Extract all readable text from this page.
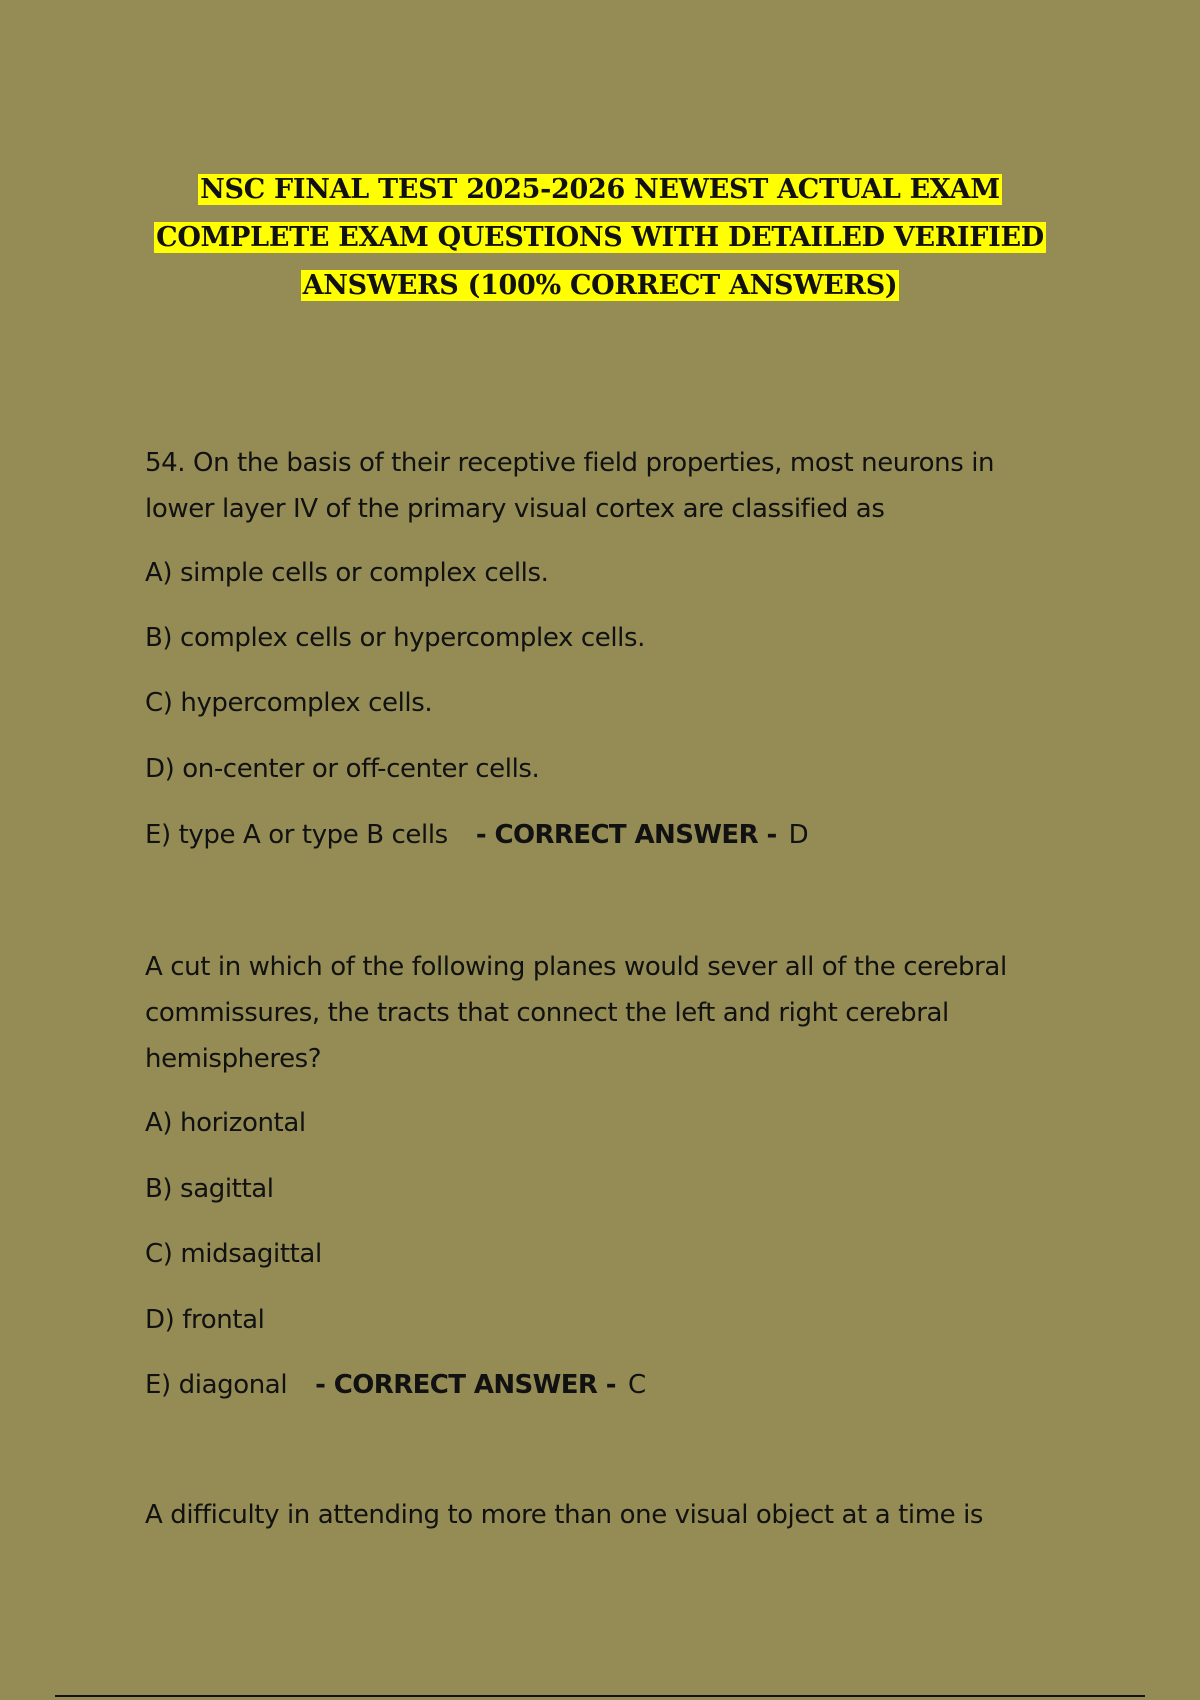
NSC FINAL TEST 2025-2026 NEWEST ACTUAL EXAM
COMPLETE EXAM QUESTIONS WITH DETAILED VERIFIED
ANSWERS (100% CORRECT ANSWERS)

54. On the basis of their receptive field properties, most neurons in

lower layer IV of the primary visual cortex are classified as

A) simple cells or complex cells.

B) complex cells or hypercomplex cells.

C) hypercomplex cells.

D) on-center or off-center cells.

E) type A or type B cells - CORRECT ANSWER - D

A cut in which of the following planes would sever all of the cerebral

commissures, the tracts that connect the left and right cerebral

hemispheres?

A) horizontal

B) sagittal

C) midsagittal

D) frontal

E) diagonal - CORRECT ANSWER - C

A difficulty in attending to more than one visual object at a time is
